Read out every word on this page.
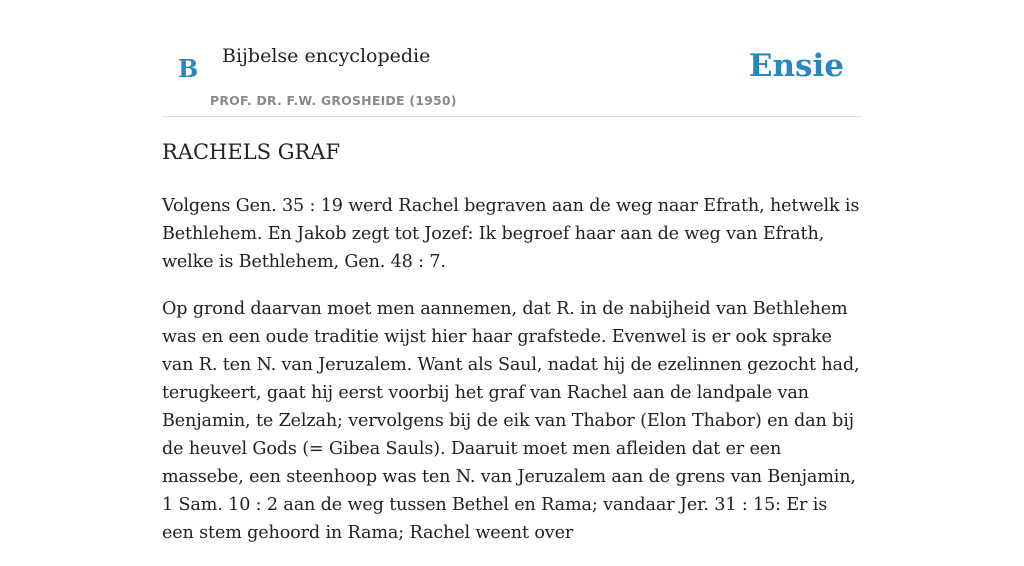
B Bijbelse encyclopedie
PROF. DR. F.W. GROSHEIDE (1950)
Ensie
RACHELS GRAF

Volgens Gen. 35 : 19 werd Rachel begraven aan de weg naar Efrath, hetwelk is Bethlehem. En Jakob zegt tot Jozef: Ik begroef haar aan de weg van Efrath, welke is Bethlehem, Gen. 48 : 7.

Op grond daarvan moet men aannemen, dat R. in de nabijheid van Bethlehem was en een oude traditie wijst hier haar grafstede. Evenwel is er ook sprake van R. ten N. van Jeruzalem. Want als Saul, nadat hij de ezelinnen gezocht had, terugkeert, gaat hij eerst voorbij het graf van Rachel aan de landpale van Benjamin, te Zelzah; vervolgens bij de eik van Thabor (Elon Thabor) en dan bij de heuvel Gods (= Gibea Sauls). Daaruit moet men afleiden dat er een massebe, een steenhoop was ten N. van Jeruzalem aan de grens van Benjamin, 1 Sam. 10 : 2 aan de weg tussen Bethel en Rama; vandaar Jer. 31 : 15: Er is een stem gehoord in Rama; Rachel weent over
